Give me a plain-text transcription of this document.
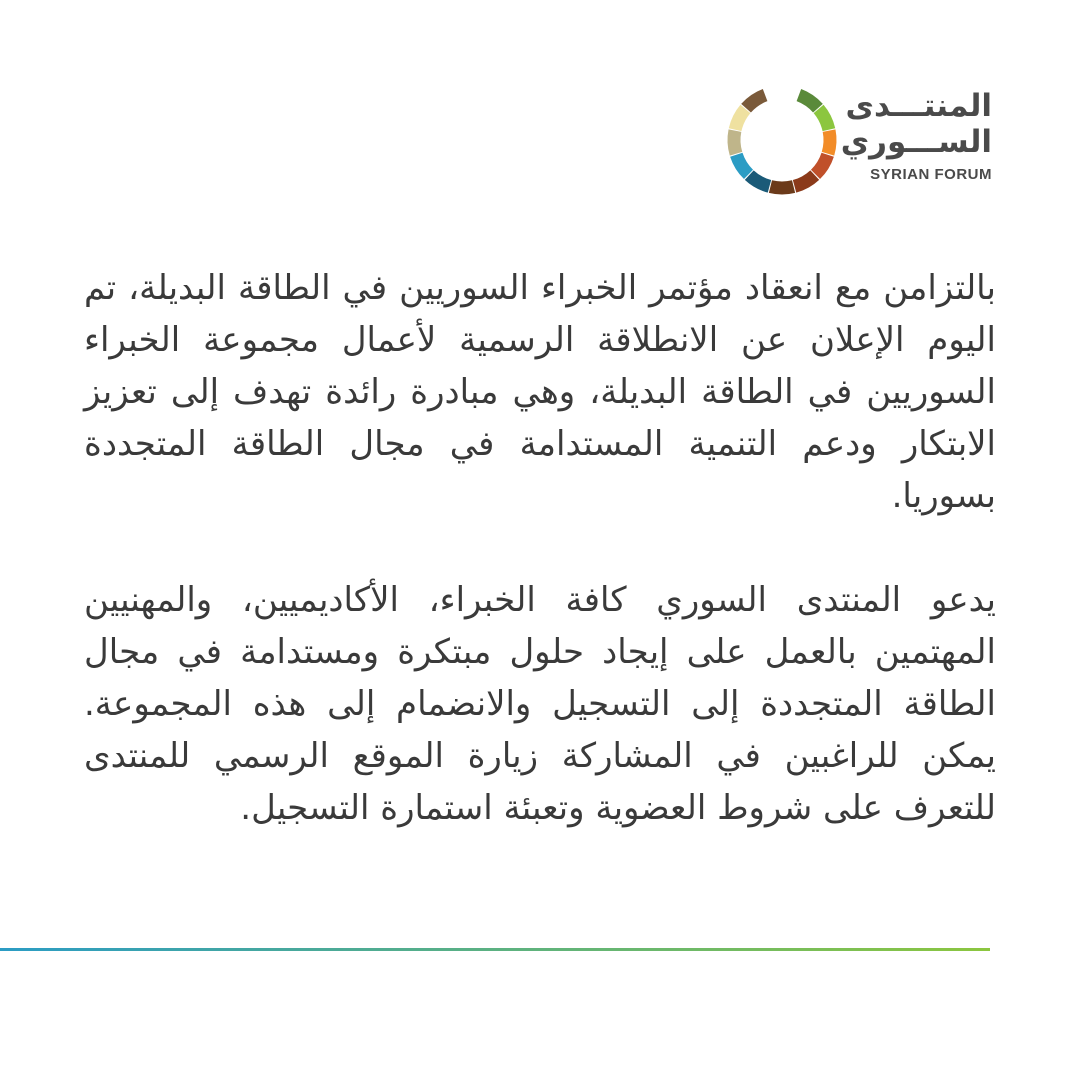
المنتـــدى
الســـوري
SYRIAN FORUM

بالتزامن مع انعقاد مؤتمر الخبراء السوريين في الطاقة البديلة، تم اليوم الإعلان عن الانطلاقة الرسمية لأعمال مجموعة الخبراء السوريين في الطاقة البديلة، وهي مبادرة رائدة تهدف إلى تعزيز الابتكار ودعم التنمية المستدامة في مجال الطاقة المتجددة بسوريا.

يدعو المنتدى السوري كافة الخبراء، الأكاديميين، والمهنيين المهتمين بالعمل على إيجاد حلول مبتكرة ومستدامة في مجال الطاقة المتجددة إلى التسجيل والانضمام إلى هذه المجموعة. يمكن للراغبين في المشاركة زيارة الموقع الرسمي للمنتدى للتعرف على شروط العضوية وتعبئة استمارة التسجيل.
